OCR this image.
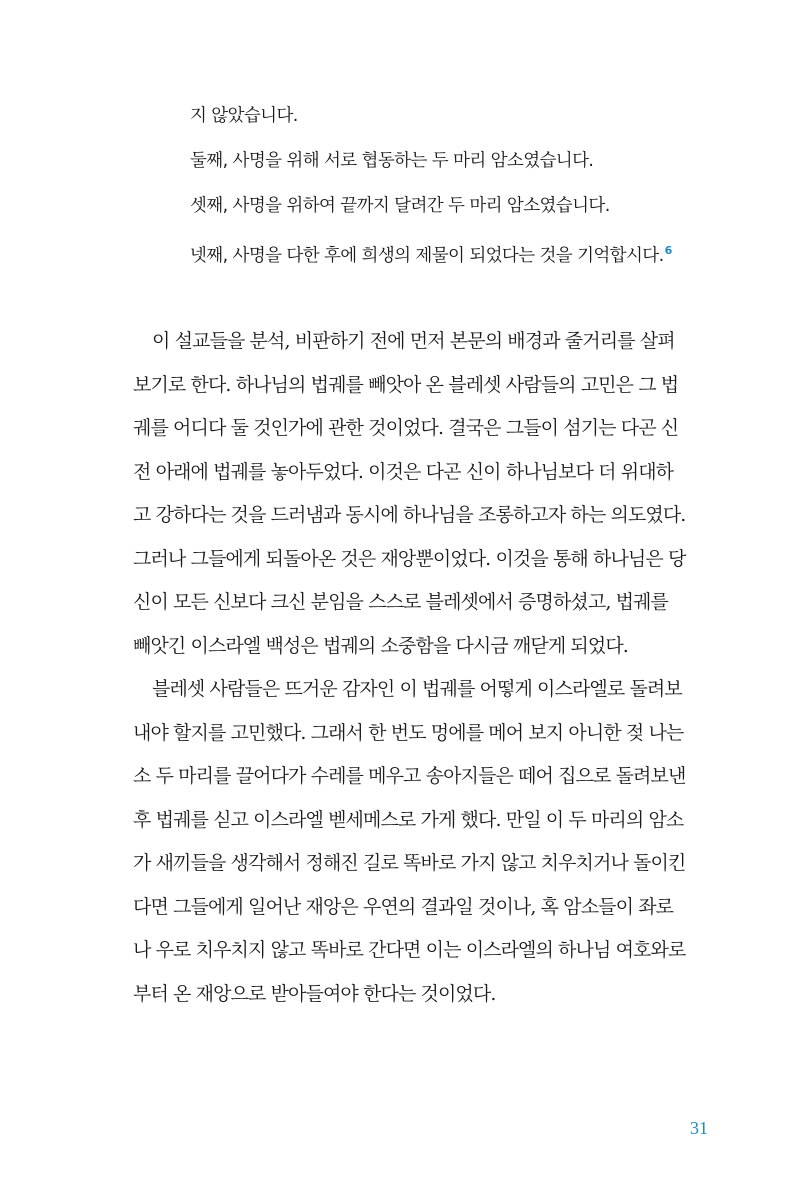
지 않았습니다.
둘째, 사명을 위해 서로 협동하는 두 마리 암소였습니다.
셋째, 사명을 위하여 끝까지 달려간 두 마리 암소였습니다.
넷째, 사명을 다한 후에 희생의 제물이 되었다는 것을 기억합시다.$^6$
이 설교들을 분석, 비판하기 전에 먼저 본문의 배경과 줄거리를 살펴
보기로 한다. 하나님의 법궤를 빼앗아 온 블레셋 사람들의 고민은 그 법
궤를 어디다 둘 것인가에 관한 것이었다. 결국은 그들이 섬기는 다곤 신
전 아래에 법궤를 놓아두었다. 이것은 다곤 신이 하나님보다 더 위대하
고 강하다는 것을 드러냄과 동시에 하나님을 조롱하고자 하는 의도였다.
그러나 그들에게 되돌아온 것은 재앙뿐이었다. 이것을 통해 하나님은 당
신이 모든 신보다 크신 분임을 스스로 블레셋에서 증명하셨고, 법궤를
빼앗긴 이스라엘 백성은 법궤의 소중함을 다시금 깨닫게 되었다.
블레셋 사람들은 뜨거운 감자인 이 법궤를 어떻게 이스라엘로 돌려보
내야 할지를 고민했다. 그래서 한 번도 멍에를 메어 보지 아니한 젖 나는
소 두 마리를 끌어다가 수레를 메우고 송아지들은 떼어 집으로 돌려보낸
후 법궤를 싣고 이스라엘 벧세메스로 가게 했다. 만일 이 두 마리의 암소
가 새끼들을 생각해서 정해진 길로 똑바로 가지 않고 치우치거나 돌이킨
다면 그들에게 일어난 재앙은 우연의 결과일 것이나, 혹 암소들이 좌로
나 우로 치우치지 않고 똑바로 간다면 이는 이스라엘의 하나님 여호와로
부터 온 재앙으로 받아들여야 한다는 것이었다.
31
